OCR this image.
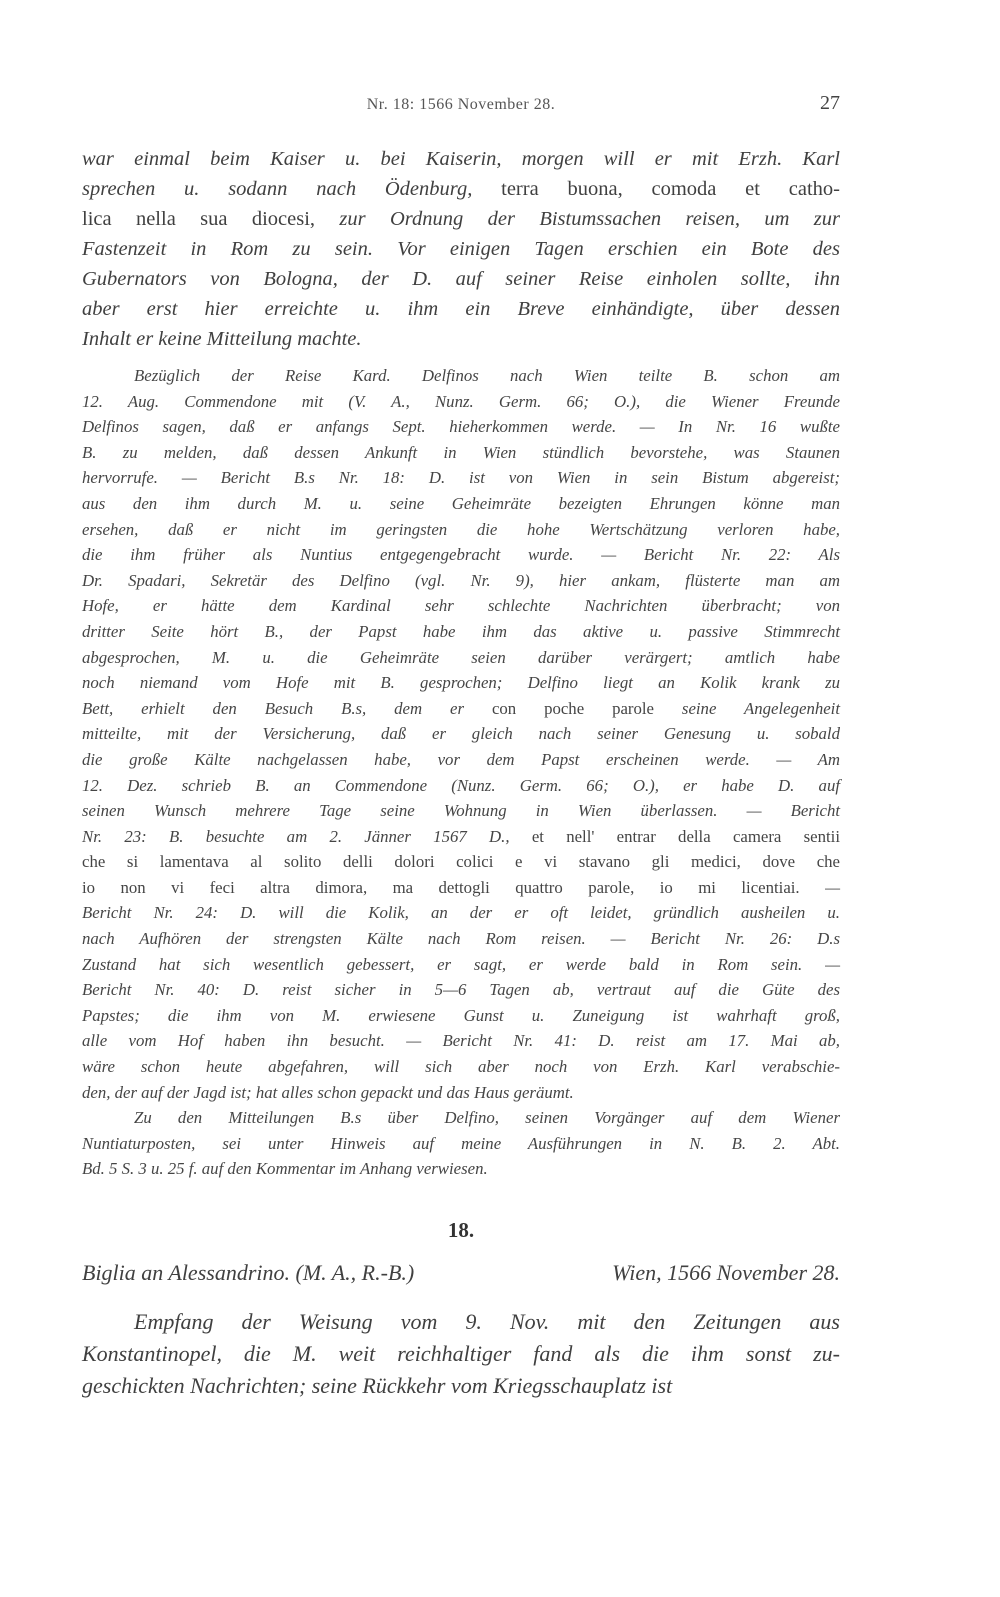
Nr. 18: 1566 November 28.	27
war einmal beim Kaiser u. bei Kaiserin, morgen will er mit Erzh. Karl
sprechen u. sodann nach Ödenburg, terra buona, comoda et catho-
lica nella sua diocesi, zur Ordnung der Bistumssachen reisen, um zur
Fastenzeit in Rom zu sein. Vor einigen Tagen erschien ein Bote des
Gubernators von Bologna, der D. auf seiner Reise einholen sollte, ihn
aber erst hier erreichte u. ihm ein Breve einhändigte, über dessen
Inhalt er keine Mitteilung machte.
Bezüglich der Reise Kard. Delfinos nach Wien teilte B. schon am
12. Aug. Commendone mit (V. A., Nunz. Germ. 66; O.), die Wiener Freunde
Delfinos sagen, daß er anfangs Sept. hieherkommen werde. — In Nr. 16 wußte
B. zu melden, daß dessen Ankunft in Wien stündlich bevorstehe, was Staunen
hervorrufe. — Bericht B.s Nr. 18: D. ist von Wien in sein Bistum abgereist;
aus den ihm durch M. u. seine Geheimräte bezeigten Ehrungen könne man
ersehen, daß er nicht im geringsten die hohe Wertschätzung verloren habe,
die ihm früher als Nuntius entgegengebracht wurde. — Bericht Nr. 22: Als
Dr. Spadari, Sekretär des Delfino (vgl. Nr. 9), hier ankam, flüsterte man am
Hofe, er hätte dem Kardinal sehr schlechte Nachrichten überbracht; von
dritter Seite hört B., der Papst habe ihm das aktive u. passive Stimmrecht
abgesprochen, M. u. die Geheimräte seien darüber verärgert; amtlich habe
noch niemand vom Hofe mit B. gesprochen; Delfino liegt an Kolik krank zu
Bett, erhielt den Besuch B.s, dem er con poche parole seine Angelegenheit
mitteilte, mit der Versicherung, daß er gleich nach seiner Genesung u. sobald
die große Kälte nachgelassen habe, vor dem Papst erscheinen werde. — Am
12. Dez. schrieb B. an Commendone (Nunz. Germ. 66; O.), er habe D. auf
seinen Wunsch mehrere Tage seine Wohnung in Wien überlassen. — Bericht
Nr. 23: B. besuchte am 2. Jänner 1567 D., et nell' entrar della camera sentii
che si lamentava al solito delli dolori colici e vi stavano gli medici, dove che
io non vi feci altra dimora, ma dettogli quattro parole, io mi licentiai. —
Bericht Nr. 24: D. will die Kolik, an der er oft leidet, gründlich ausheilen u.
nach Aufhören der strengsten Kälte nach Rom reisen. — Bericht Nr. 26: D.s
Zustand hat sich wesentlich gebessert, er sagt, er werde bald in Rom sein. —
Bericht Nr. 40: D. reist sicher in 5—6 Tagen ab, vertraut auf die Güte des
Papstes; die ihm von M. erwiesene Gunst u. Zuneigung ist wahrhaft groß,
alle vom Hof haben ihn besucht. — Bericht Nr. 41: D. reist am 17. Mai ab,
wäre schon heute abgefahren, will sich aber noch von Erzh. Karl verabschie-
den, der auf der Jagd ist; hat alles schon gepackt und das Haus geräumt.
Zu den Mitteilungen B.s über Delfino, seinen Vorgänger auf dem Wiener
Nuntiaturposten, sei unter Hinweis auf meine Ausführungen in N. B. 2. Abt.
Bd. 5 S. 3 u. 25 f. auf den Kommentar im Anhang verwiesen.
18.
Biglia an Alessandrino. (M. A., R.-B.)	Wien, 1566 November 28.
Empfang der Weisung vom 9. Nov. mit den Zeitungen aus
Konstantinopel, die M. weit reichhaltiger fand als die ihm sonst zu-
geschickten Nachrichten; seine Rückkehr vom Kriegsschauplatz ist
